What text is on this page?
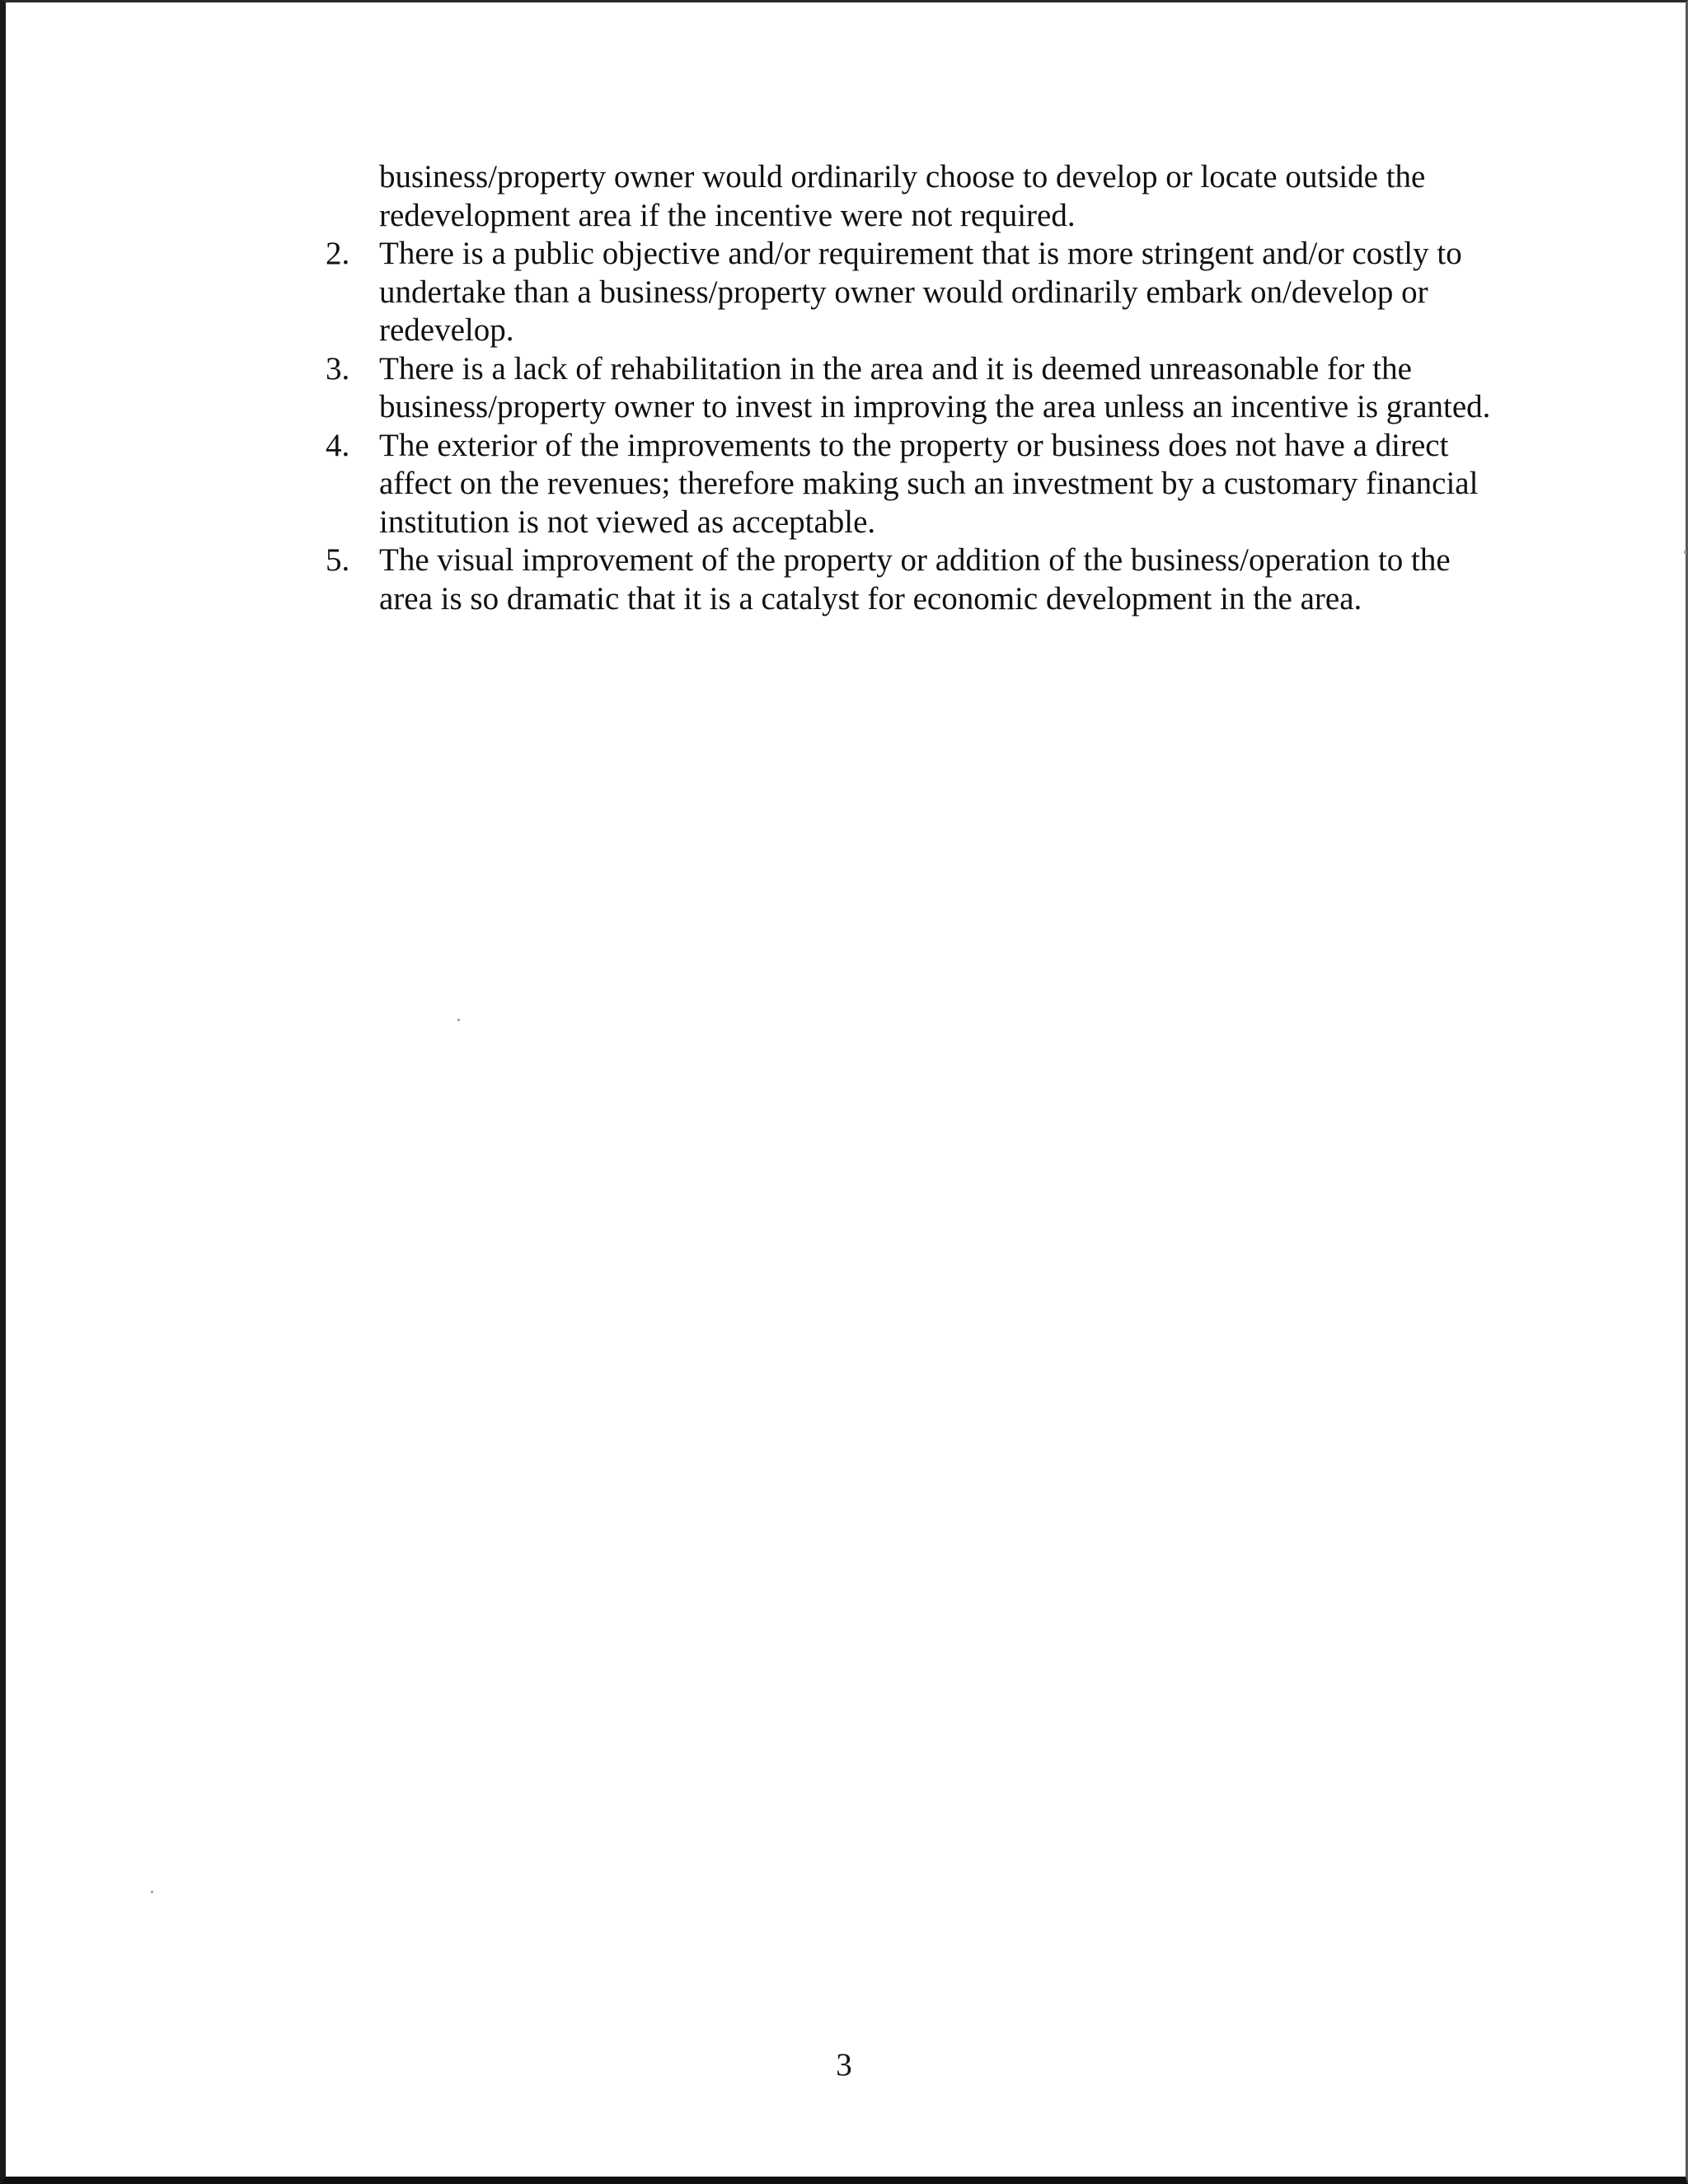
business/property owner would ordinarily choose to develop or locate outside the redevelopment area if the incentive were not required.
2. There is a public objective and/or requirement that is more stringent and/or costly to undertake than a business/property owner would ordinarily embark on/develop or redevelop.
3. There is a lack of rehabilitation in the area and it is deemed unreasonable for the business/property owner to invest in improving the area unless an incentive is granted.
4. The exterior of the improvements to the property or business does not have a direct affect on the revenues; therefore making such an investment by a customary financial institution is not viewed as acceptable.
5. The visual improvement of the property or addition of the business/operation to the area is so dramatic that it is a catalyst for economic development in the area.
3
